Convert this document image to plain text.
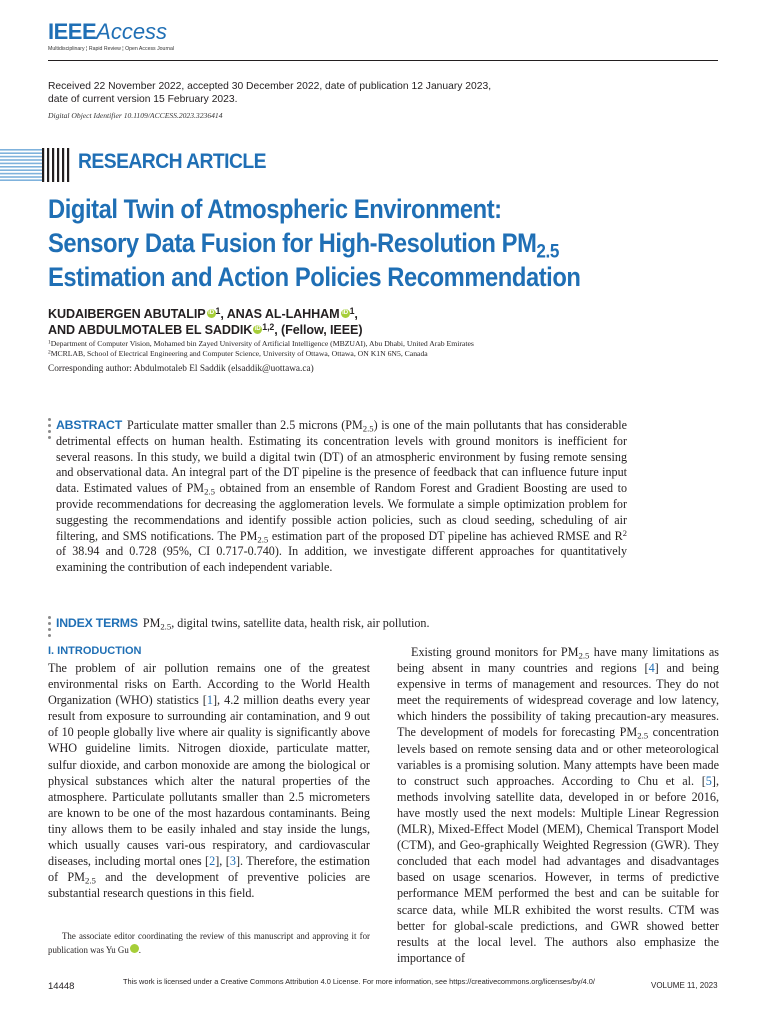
IEEEAccess
Multidisciplinary ¦ Rapid Review ¦ Open Access Journal
Received 22 November 2022, accepted 30 December 2022, date of publication 12 January 2023,
date of current version 15 February 2023.
Digital Object Identifier 10.1109/ACCESS.2023.3236414
RESEARCH ARTICLE
Digital Twin of Atmospheric Environment:
Sensory Data Fusion for High-Resolution $PM_{2.5}$
Estimation and Action Policies Recommendation
KUDAIBERGEN ABUTALIP iD $^1$, ANAS AL-LAHHAM iD $^1$,
AND ABDULMOTALEB EL SADDIK iD $^{1,2}$, (Fellow, IEEE)
$^1$Department of Computer Vision, Mohamed bin Zayed University of Artificial Intelligence (MBZUAI), Abu Dhabi, United Arab Emirates
$^2$MCRLAB, School of Electrical Engineering and Computer Science, University of Ottawa, Ottawa, ON K1N 6N5, Canada
Corresponding author: Abdulmotaleb El Saddik (elsaddik@uottawa.ca)
ABSTRACT Particulate matter smaller than 2.5 microns $(PM_{2.5})$ is one of the main pollutants that has considerable detrimental effects on human health. Estimating its concentration levels with ground monitors is inefficient for several reasons. In this study, we build a digital twin (DT) of an atmospheric environment by fusing remote sensing and observational data. An integral part of the DT pipeline is the presence of feedback that can influence future input data. Estimated values of $PM_{2.5}$ obtained from an ensemble of Random Forest and Gradient Boosting are used to provide recommendations for decreasing the agglomeration levels. We formulate a simple optimization problem for suggesting the recommendations and identify possible action policies, such as cloud seeding, scheduling of air filtering, and SMS notifications. The $PM_{2.5}$ estimation part of the proposed DT pipeline has achieved RMSE and $R^2$ of 38.94 and 0.728 (95%, CI 0.717-0.740). In addition, we investigate different approaches for quantitatively examining the contribution of each independent variable.
INDEX TERMS $PM_{2.5}$, digital twins, satellite data, health risk, air pollution.
I. INTRODUCTION
The problem of air pollution remains one of the greatest environmental risks on Earth. According to the World Health Organization (WHO) statistics [1], 4.2 million deaths every year result from exposure to surrounding air contamination, and 9 out of 10 people globally live where air quality is significantly above WHO guideline limits. Nitrogen dioxide, particulate matter, sulfur dioxide, and carbon monoxide are among the biological or physical substances which alter the natural properties of the atmosphere. Particulate pollutants smaller than 2.5 micrometers are known to be one of the most hazardous contaminants. Being tiny allows them to be easily inhaled and stay inside the lungs, which usually causes vari-ous respiratory, and cardiovascular diseases, including mortal ones [2], [3]. Therefore, the estimation of $PM_{2.5}$ and the development of preventive policies are substantial research questions in this field.
The associate editor coordinating the review of this manuscript and approving it for publication was Yu Gu	iD.
Existing ground monitors for $PM_{2.5}$ have many limitations as being absent in many countries and regions [4] and being expensive in terms of management and resources. They do not meet the requirements of widespread coverage and low latency, which hinders the possibility of taking precaution-ary measures. The development of models for forecasting $PM_{2.5}$ concentration levels based on remote sensing data and or other meteorological variables is a promising solution. Many attempts have been made to construct such approaches. According to Chu et al. [5], methods involving satellite data, developed in or before 2016, have mostly used the next models: Multiple Linear Regression (MLR), Mixed-Effect Model (MEM), Chemical Transport Model (CTM), and Geo-graphically Weighted Regression (GWR). They concluded that each model had advantages and disadvantages based on usage scenarios. However, in terms of predictive performance MEM performed the best and can be suitable for scarce data, while MLR exhibited the worst results. CTM was better for global-scale predictions, and GWR showed better results at the local level. The authors also emphasize the importance of
14448	This work is licensed under a Creative Commons Attribution 4.0 License. For more information, see https://creativecommons.org/licenses/by/4.0/	VOLUME 11, 2023
